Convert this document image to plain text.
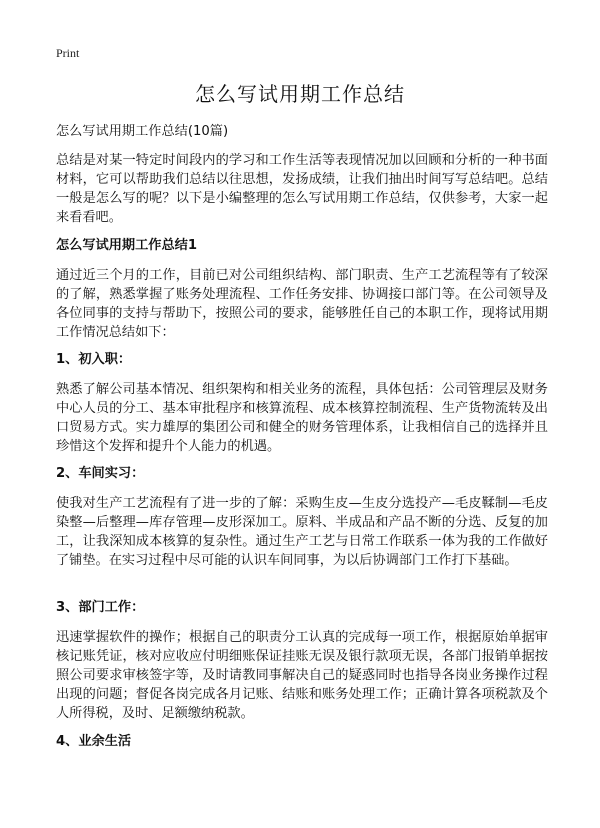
Print
怎么写试用期工作总结
怎么写试用期工作总结(10篇)
总结是对某一特定时间段内的学习和工作生活等表现情况加以回顾和分析的一种书面材料，它可以帮助我们总结以往思想，发扬成绩，让我们抽出时间写写总结吧。总结一般是怎么写的呢？以下是小编整理的怎么写试用期工作总结，仅供参考，大家一起来看看吧。
怎么写试用期工作总结1
通过近三个月的工作，目前已对公司组织结构、部门职责、生产工艺流程等有了较深的了解，熟悉掌握了账务处理流程、工作任务安排、协调接口部门等。在公司领导及各位同事的支持与帮助下，按照公司的要求，能够胜任自己的本职工作，现将试用期工作情况总结如下：
1、初入职：
熟悉了解公司基本情况、组织架构和相关业务的流程，具体包括：公司管理层及财务中心人员的分工、基本审批程序和核算流程、成本核算控制流程、生产货物流转及出口贸易方式。实力雄厚的集团公司和健全的财务管理体系，让我相信自己的选择并且珍惜这个发挥和提升个人能力的机遇。
2、车间实习：
使我对生产工艺流程有了进一步的了解：采购生皮—生皮分选投产—毛皮鞣制—毛皮染整—后整理—库存管理—皮形深加工。原料、半成品和产品不断的分选、反复的加工，让我深知成本核算的复杂性。通过生产工艺与日常工作联系一体为我的工作做好了铺垫。在实习过程中尽可能的认识车间同事，为以后协调部门工作打下基础。
3、部门工作：
迅速掌握软件的操作；根据自己的职责分工认真的完成每一项工作，根据原始单据审核记账凭证，核对应收应付明细账保证挂账无误及银行款项无误，各部门报销单据按照公司要求审核签字等，及时请教同事解决自己的疑惑同时也指导各岗业务操作过程出现的问题；督促各岗完成各月记账、结账和账务处理工作；正确计算各项税款及个人所得税，及时、足额缴纳税款。
4、业余生活
